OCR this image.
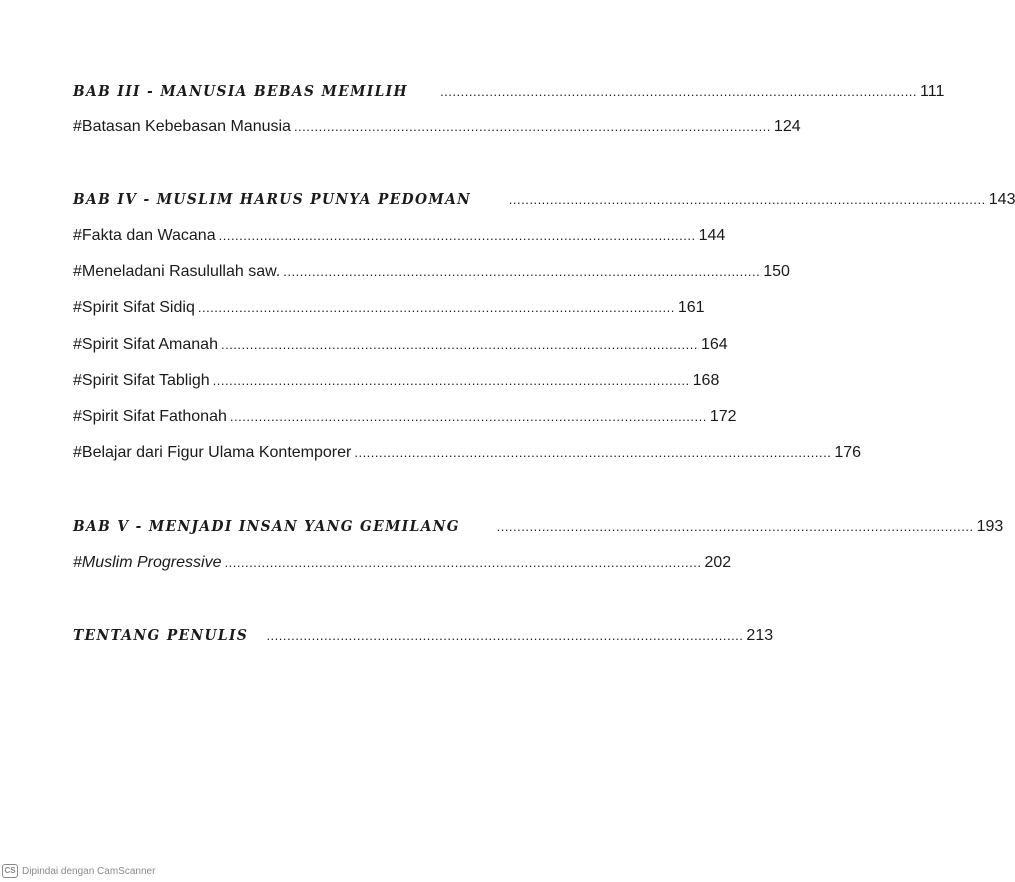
BAB III - MANUSIA BEBAS MEMILIH .................................................................................................................... 111
#Batasan Kebebasan Manusia .................................................................................................................... 124
BAB IV - MUSLIM HARUS PUNYA PEDOMAN	.................................................................................................................... 143
#Fakta dan Wacana .................................................................................................................... 144
#Meneladani Rasulullah saw. .................................................................................................................... 150
#Spirit Sifat Sidiq .................................................................................................................... 161
#Spirit Sifat Amanah .................................................................................................................... 164
#Spirit Sifat Tabligh .................................................................................................................... 168
#Spirit Sifat Fathonah .................................................................................................................... 172
#Belajar dari Figur Ulama Kontemporer .................................................................................................................... 176
BAB V - MENJADI INSAN YANG GEMILANG	.................................................................................................................... 193
#Muslim Progressive .................................................................................................................... 202
TENTANG PENULIS .................................................................................................................... 213
CS Dipindai dengan CamScanner
